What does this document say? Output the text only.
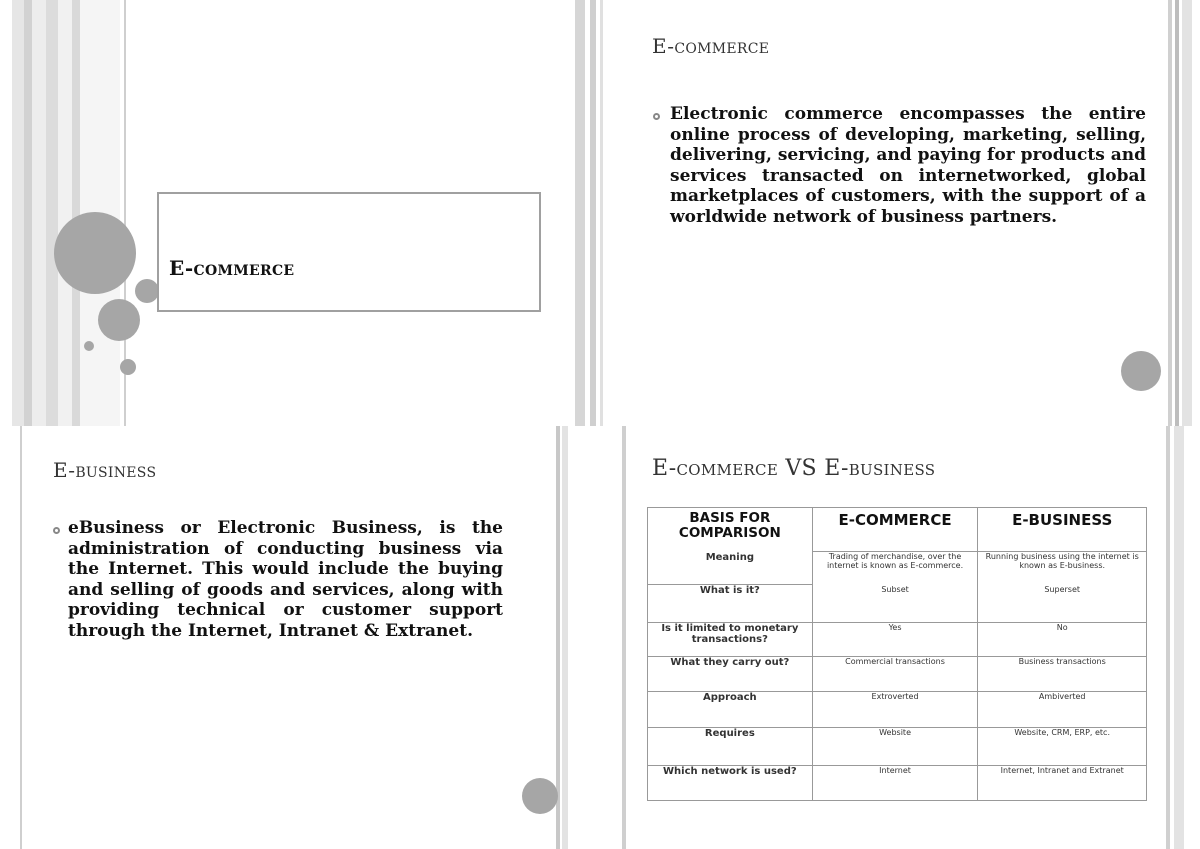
E-commerce
E-commerce
Electronic commerce encompasses the entire online process of developing, marketing, selling, delivering, servicing, and paying for products and services transacted on internetworked, global marketplaces of customers, with the support of a worldwide network of business partners.
E-business
eBusiness or Electronic Business, is the administration of conducting business via the Internet. This would include the buying and selling of goods and services, along with providing technical or customer support through the Internet, Intranet & Extranet.
E-commerce VS E-business
BASIS FOR COMPARISON	E-COMMERCE	E-BUSINESS
Meaning	Trading of merchandise, over the internet is known as E-commerce.	Running business using the internet is known as E-business.
What is it?	Subset	Superset
Is it limited to monetary transactions?	Yes	No
What they carry out?	Commercial transactions	Business transactions
Approach	Extroverted	Ambiverted
Requires	Website	Website, CRM, ERP, etc.
Which network is used?	Internet	Internet, Intranet and Extranet
